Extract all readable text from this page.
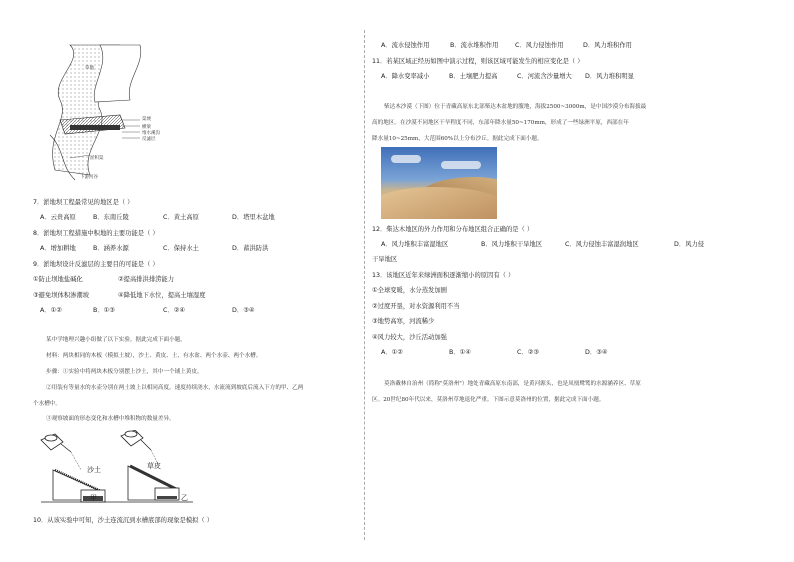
草地
渠埂
横梁
堆水溪沟
反滤层
淤积渠
下游河谷
7．淤地坝工程最常见的地区是（ ）
A．云贵高原	B．东南丘陵	C．黄土高原	D．塔里木盆地
8．淤地坝工程措施中积地的主要功能是（ ）
A．增加耕地	B．涵养水源	C．保持水土	D．蓄洪防洪
9．淤地坝设计反滤层的主要目的可能是（ ）
①防止坝地盐碱化	②提高排洪排涝能力
③避免坝体积渗潮坡	④降低地下水位，提高土壤湿度
A．①②	B．①③	C．②④	D．③④
某中学地理兴趣小组做了以下实验。据此完成下面小题。
材料：两块相同的木板（模拟土坡），沙土、黄皮、土、有水盆、两个水壶、两个水槽。
步骤：①实验中将两块木板分别摆上沙土，其中一个铺上黄皮。
②用装有等量水的水壶分别在两土坡上以相同高度，速度持续浇水，水流流到坡底后流入下方的甲、乙两
个水槽中。
③观察坡面的形态变化和水槽中堆积物的数量差异。
沙土	草皮
甲	乙
10．从该实验中可知，沙土连流沉到水槽底部的现象是模拟（ ）
A．流水侵蚀作用	C．风力侵蚀作用	D．风力堆积作用
B．流水堆积作用
11．若某区域正经历如图中演示过程，则该区域可能发生的相应变化是（ ）
A．降水变率减小	B．土壤肥力提高	C．河流含沙量增大 D．风力堆积明显
柴达木沙漠（下图）位于青藏高原东北部柴达木盆地的腹地，海拔2500~3000m，是中国沙漠分布海拔最
高的地区。在沙漠不同地区干旱程度不同，东部年降水量50~170mm，形成了一些绿洲平原，西部在年
降水量10~25mm，大范围60%以上分布沙丘。据此完成下面小题。
12．柴达木地区的外力作用和分布地区组合正确的是（ ）
A．风力堆积丰富湿地区	B．风力堆积干旱地区	C．风力侵蚀丰富湿润地区	D．风力侵
干旱地区
13．该地区近年来绿洲面积逐渐缩小的原因有（ ）
①全球变暖，水分蒸发加剧
②过度开垦，对水资源利用不当
③地势高寒，河流稀少
④风力较大，沙丘活动加强
A．①②	B．①④	C．②③	D．③④
莫洛戴林自治州（简称"莫洛州"）地处青藏高原东南部，是黄河源头，也是凤凰鹭鸶的水源涵养区、草原
区。20世纪80年代以来，莫洛州草地退化严重。下图示意莫洛州的位置，据此完成下面小题。
